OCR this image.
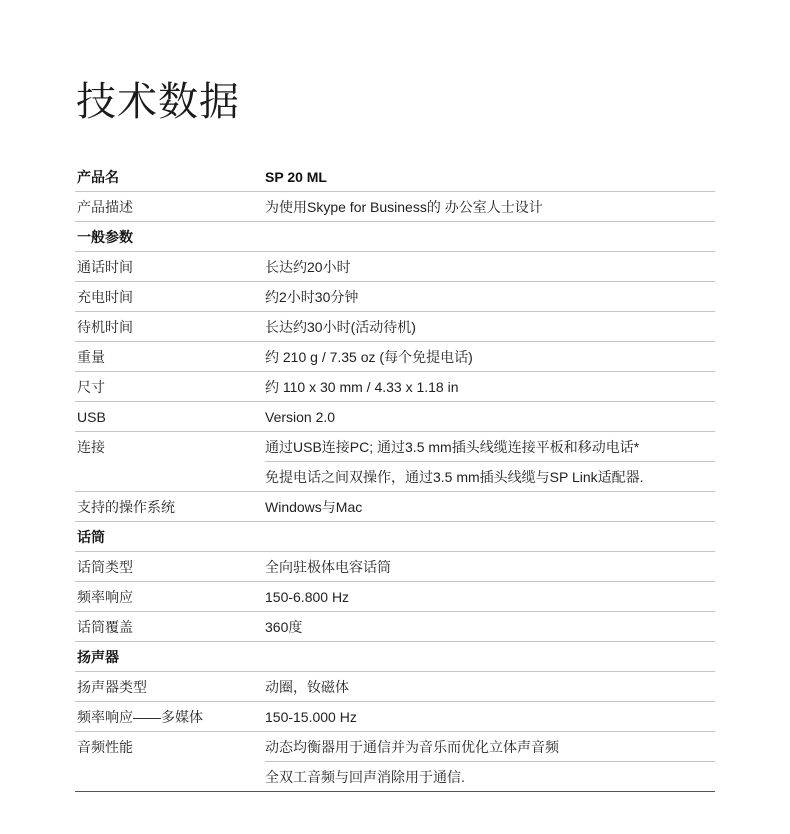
技术数据
产品名	SP 20 ML
产品描述	为使用Skype for Business的 办公室人士设计
一般参数
通话时间	长达约20小时
充电时间	约2小时30分钟
待机时间	长达约30小时(活动待机)
重量	约 210 g / 7.35 oz (每个免提电话)
尺寸	约 110 x 30 mm / 4.33 x 1.18 in
USB	Version 2.0
连接	通过USB连接PC; 通过3.5 mm插头线缆连接平板和移动电话*
免提电话之间双操作，通过3.5 mm插头线缆与SP Link适配器.
支持的操作系统	Windows与Mac
话筒
话筒类型	全向驻极体电容话筒
频率响应	150-6.800 Hz
话筒覆盖	360度
扬声器
扬声器类型	动圈，钕磁体
频率响应——多媒体	150-15.000 Hz
音频性能	动态均衡器用于通信并为音乐而优化立体声音频
全双工音频与回声消除用于通信.
